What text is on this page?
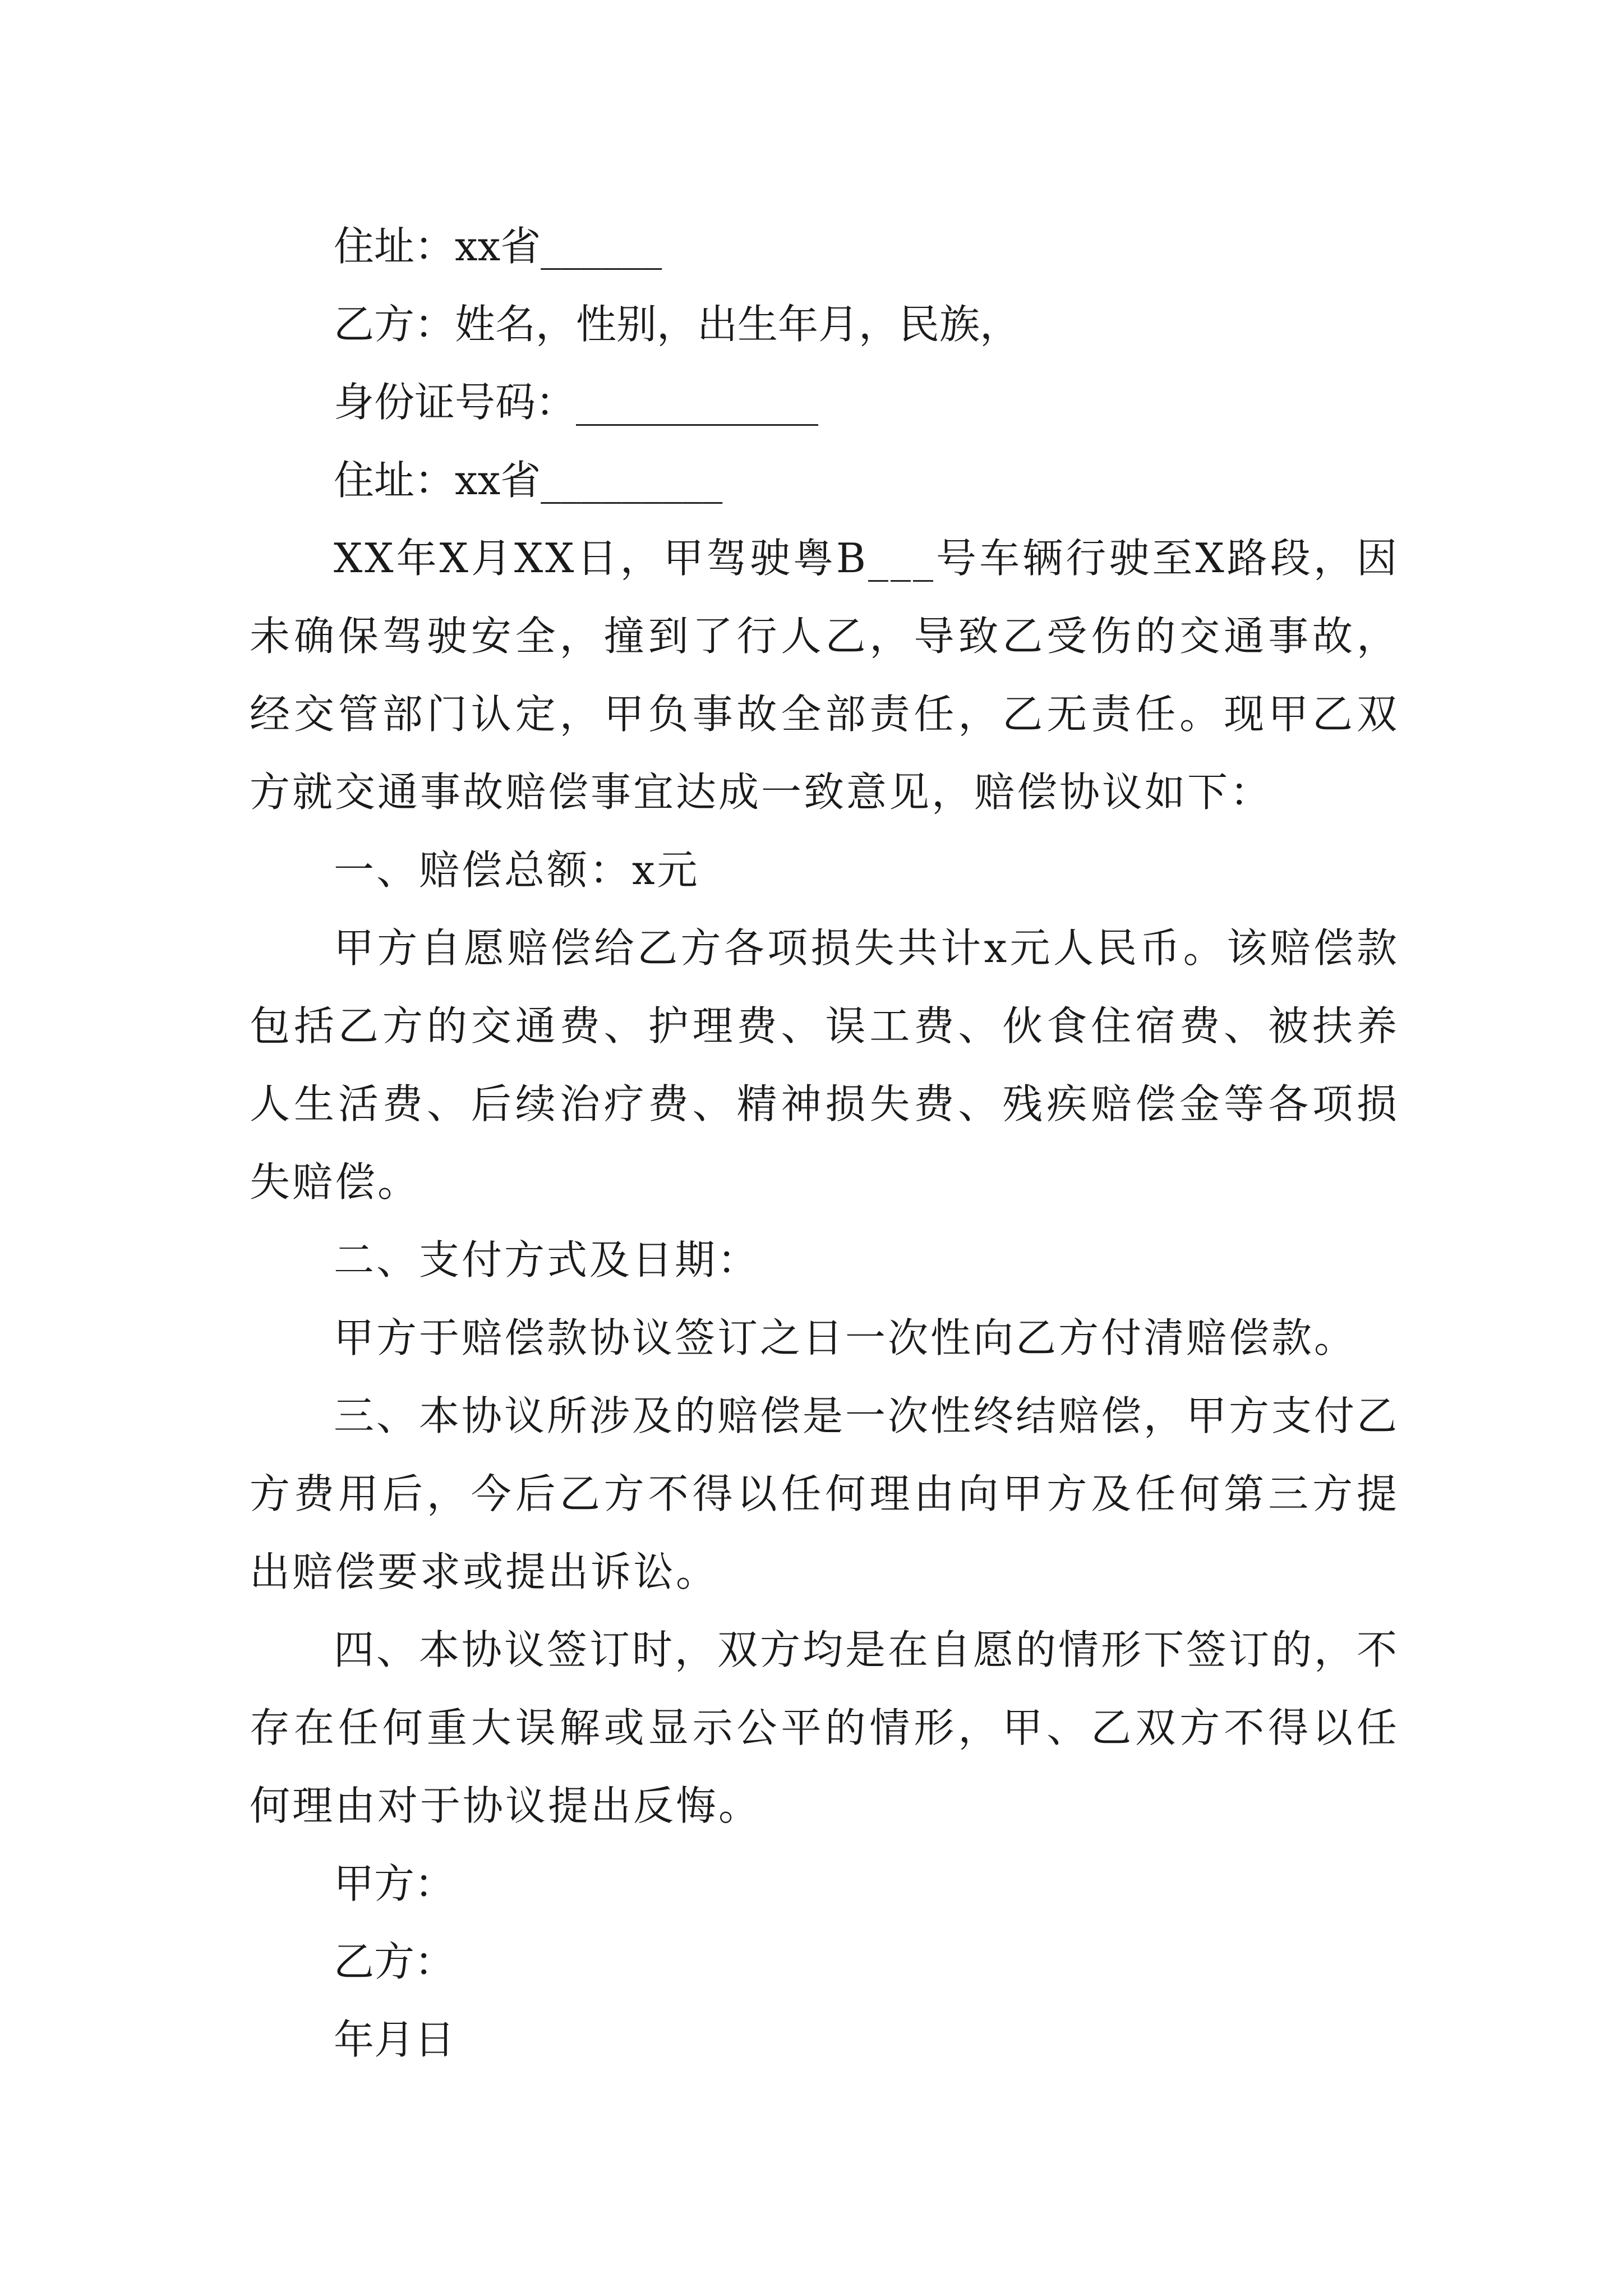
住址：xx省______
乙方：姓名，性别，出生年月，民族，
身份证号码：____________
住址：xx省_________
XX年X月XX日，甲驾驶粤B___号车辆行驶至X路段，因未确保驾驶安全，撞到了行人乙，导致乙受伤的交通事故，经交管部门认定，甲负事故全部责任，乙无责任。现甲乙双方就交通事故赔偿事宜达成一致意见，赔偿协议如下：
一、赔偿总额：x元
甲方自愿赔偿给乙方各项损失共计x元人民币。该赔偿款包括乙方的交通费、护理费、误工费、伙食住宿费、被扶养人生活费、后续治疗费、精神损失费、残疾赔偿金等各项损失赔偿。
二、支付方式及日期：
甲方于赔偿款协议签订之日一次性向乙方付清赔偿款。
三、本协议所涉及的赔偿是一次性终结赔偿，甲方支付乙方费用后，今后乙方不得以任何理由向甲方及任何第三方提出赔偿要求或提出诉讼。
四、本协议签订时，双方均是在自愿的情形下签订的，不存在任何重大误解或显示公平的情形，甲、乙双方不得以任何理由对于协议提出反悔。
甲方：
乙方：
年月日
